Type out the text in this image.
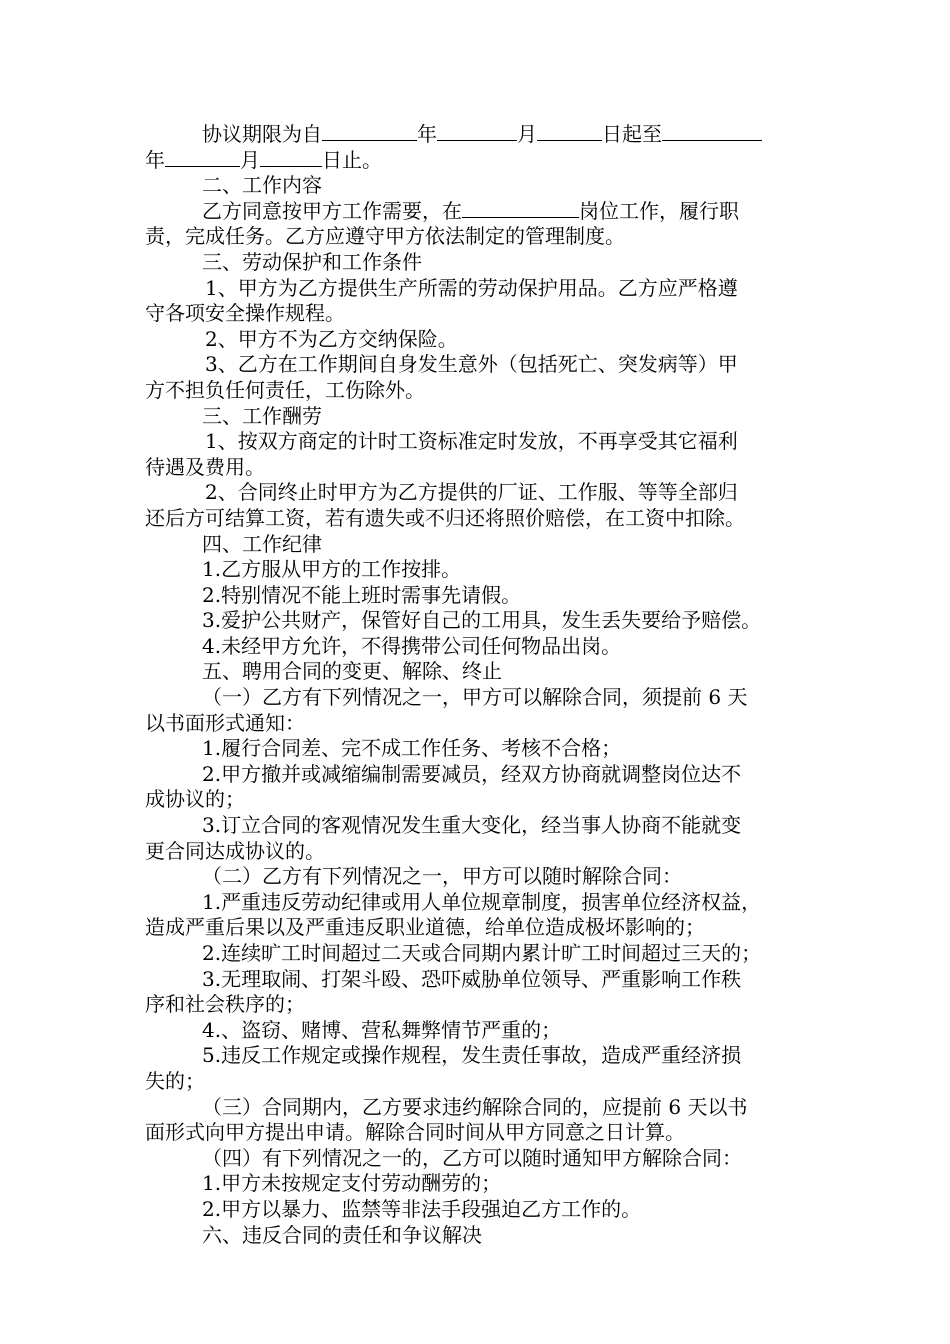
协议期限为自	年	月	日起至
年	月	日止。
二、工作内容
乙方同意按甲方工作需要，在	岗位工作，履行职
责，完成任务。乙方应遵守甲方依法制定的管理制度。
三、劳动保护和工作条件
1、甲方为乙方提供生产所需的劳动保护用品。乙方应严格遵
守各项安全操作规程。
2、甲方不为乙方交纳保险。
3、乙方在工作期间自身发生意外（包括死亡、突发病等）甲
方不担负任何责任，工伤除外。
三、工作酬劳
1、按双方商定的计时工资标准定时发放，不再享受其它福利
待遇及费用。
2、合同终止时甲方为乙方提供的厂证、工作服、等等全部归
还后方可结算工资，若有遗失或不归还将照价赔偿，在工资中扣除。
四、工作纪律
1.乙方服从甲方的工作按排。
2.特别情况不能上班时需事先请假。
3.爱护公共财产，保管好自己的工用具，发生丢失要给予赔偿。
4.未经甲方允许，不得携带公司任何物品出岗。
五、聘用合同的变更、解除、终止
（一）乙方有下列情况之一，甲方可以解除合同，须提前 6 天
以书面形式通知：
1.履行合同差、完不成工作任务、考核不合格；
2.甲方撤并或减缩编制需要减员，经双方协商就调整岗位达不
成协议的；
3.订立合同的客观情况发生重大变化，经当事人协商不能就变
更合同达成协议的。
（二）乙方有下列情况之一，甲方可以随时解除合同：
1.严重违反劳动纪律或用人单位规章制度，损害单位经济权益，
造成严重后果以及严重违反职业道德，给单位造成极坏影响的；
2.连续旷工时间超过二天或合同期内累计旷工时间超过三天的；
3.无理取闹、打架斗殴、恐吓威胁单位领导、严重影响工作秩
序和社会秩序的；
4.、盗窃、赌博、营私舞弊情节严重的；
5.违反工作规定或操作规程，发生责任事故，造成严重经济损
失的；
（三）合同期内，乙方要求违约解除合同的，应提前 6 天以书
面形式向甲方提出申请。解除合同时间从甲方同意之日计算。
（四）有下列情况之一的，乙方可以随时通知甲方解除合同：
1.甲方未按规定支付劳动酬劳的；
2.甲方以暴力、监禁等非法手段强迫乙方工作的。
六、违反合同的责任和争议解决
